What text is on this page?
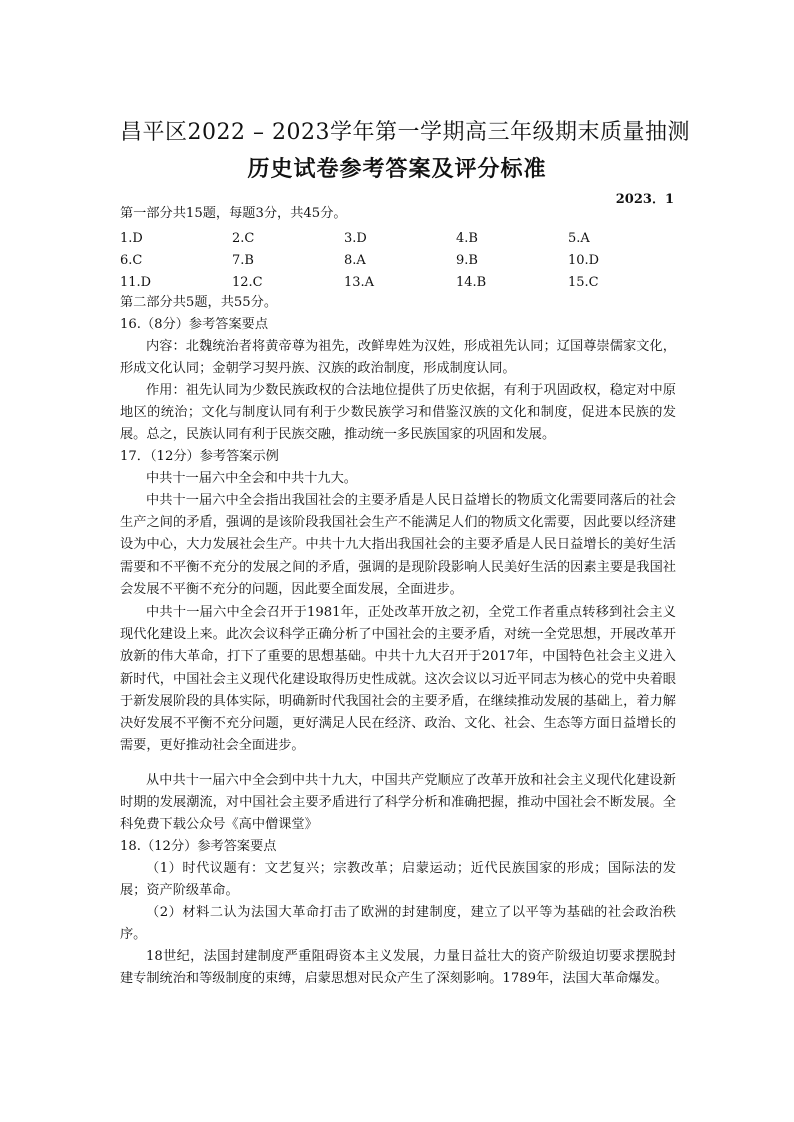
昌平区2022 – 2023学年第一学期高三年级期末质量抽测
历史试卷参考答案及评分标准
2023．1
第一部分共15题，每题3分，共45分。
1.D	2.C	3.D	4.B	5.A
6.C	7.B	8.A	9.B	10.D
11.D	12.C	13.A	14.B	15.C
第二部分共5题，共55分。
16.（8分）参考答案要点
内容：北魏统治者将黄帝尊为祖先，改鲜卑姓为汉姓，形成祖先认同；辽国尊崇儒家文化，形成文化认同；金朝学习契丹族、汉族的政治制度，形成制度认同。
作用：祖先认同为少数民族政权的合法地位提供了历史依据，有利于巩固政权，稳定对中原地区的统治；文化与制度认同有利于少数民族学习和借鉴汉族的文化和制度，促进本民族的发展。总之，民族认同有利于民族交融，推动统一多民族国家的巩固和发展。
17．（12分）参考答案示例
中共十一届六中全会和中共十九大。
中共十一届六中全会指出我国社会的主要矛盾是人民日益增长的物质文化需要同落后的社会生产之间的矛盾，强调的是该阶段我国社会生产不能满足人们的物质文化需要，因此要以经济建设为中心，大力发展社会生产。中共十九大指出我国社会的主要矛盾是人民日益增长的美好生活需要和不平衡不充分的发展之间的矛盾，强调的是现阶段影响人民美好生活的因素主要是我国社会发展不平衡不充分的问题，因此要全面发展，全面进步。
中共十一届六中全会召开于1981年，正处改革开放之初，全党工作者重点转移到社会主义现代化建设上来。此次会议科学正确分析了中国社会的主要矛盾，对统一全党思想，开展改革开放新的伟大革命，打下了重要的思想基础。中共十九大召开于2017年，中国特色社会主义进入新时代，中国社会主义现代化建设取得历史性成就。这次会议以习近平同志为核心的党中央着眼于新发展阶段的具体实际，明确新时代我国社会的主要矛盾，在继续推动发展的基础上，着力解决好发展不平衡不充分问题，更好满足人民在经济、政治、文化、社会、生态等方面日益增长的需要，更好推动社会全面进步。
从中共十一届六中全会到中共十九大，中国共产党顺应了改革开放和社会主义现代化建设新时期的发展潮流，对中国社会主要矛盾进行了科学分析和准确把握，推动中国社会不断发展。全科免费下载公众号《高中僧课堂》
18.（12分）参考答案要点
（1）时代议题有：文艺复兴；宗教改革；启蒙运动；近代民族国家的形成；国际法的发展；资产阶级革命。
（2）材料二认为法国大革命打击了欧洲的封建制度，建立了以平等为基础的社会政治秩序。
18世纪，法国封建制度严重阻碍资本主义发展，力量日益壮大的资产阶级迫切要求摆脱封建专制统治和等级制度的束缚，启蒙思想对民众产生了深刻影响。1789年，法国大革命爆发。
